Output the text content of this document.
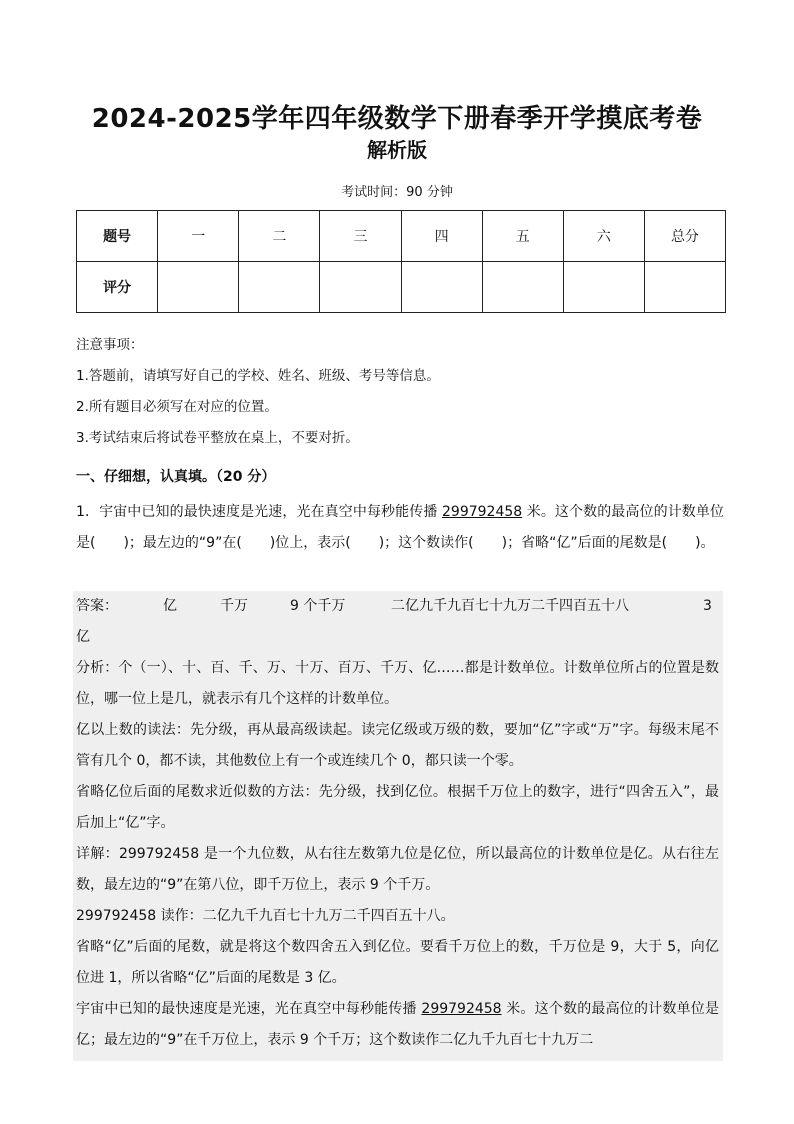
2024-2025学年四年级数学下册春季开学摸底考卷
解析版
考试时间：90 分钟
题号	一	二	三	四	五	六	总分
评分							
注意事项：
1.答题前，请填写好自己的学校、姓名、班级、考号等信息。
2.所有题目必须写在对应的位置。
3.考试结束后将试卷平整放在桌上，不要对折。
一、仔细想，认真填。（20 分）
1．宇宙中已知的最快速度是光速，光在真空中每秒能传播 299792458 米。这个数的最高位的计数单位是(　　)；最左边的“9”在(　　)位上，表示(　　)；这个数读作(　　)；省略“亿”后面的尾数是(　　)。
答案：	亿	千万	9 个千万	二亿九千九百七十九万二千四百五十八	3
亿
分析：个（一）、十、百、千、万、十万、百万、千万、亿……都是计数单位。计数单位所占的位置是数位，哪一位上是几，就表示有几个这样的计数单位。
亿以上数的读法：先分级，再从最高级读起。读完亿级或万级的数，要加“亿”字或“万”字。每级末尾不管有几个 0，都不读，其他数位上有一个或连续几个 0，都只读一个零。
省略亿位后面的尾数求近似数的方法：先分级，找到亿位。根据千万位上的数字，进行“四舍五入”，最后加上“亿”字。
详解：299792458 是一个九位数，从右往左数第九位是亿位，所以最高位的计数单位是亿。从右往左数，最左边的“9”在第八位，即千万位上，表示 9 个千万。
299792458 读作：二亿九千九百七十九万二千四百五十八。
省略“亿”后面的尾数，就是将这个数四舍五入到亿位。要看千万位上的数，千万位是 9，大于 5，向亿位进 1，所以省略“亿”后面的尾数是 3 亿。
宇宙中已知的最快速度是光速，光在真空中每秒能传播 299792458 米。这个数的最高位的计数单位是亿；最左边的“9”在千万位上，表示 9 个千万；这个数读作二亿九千九百七十九万二
